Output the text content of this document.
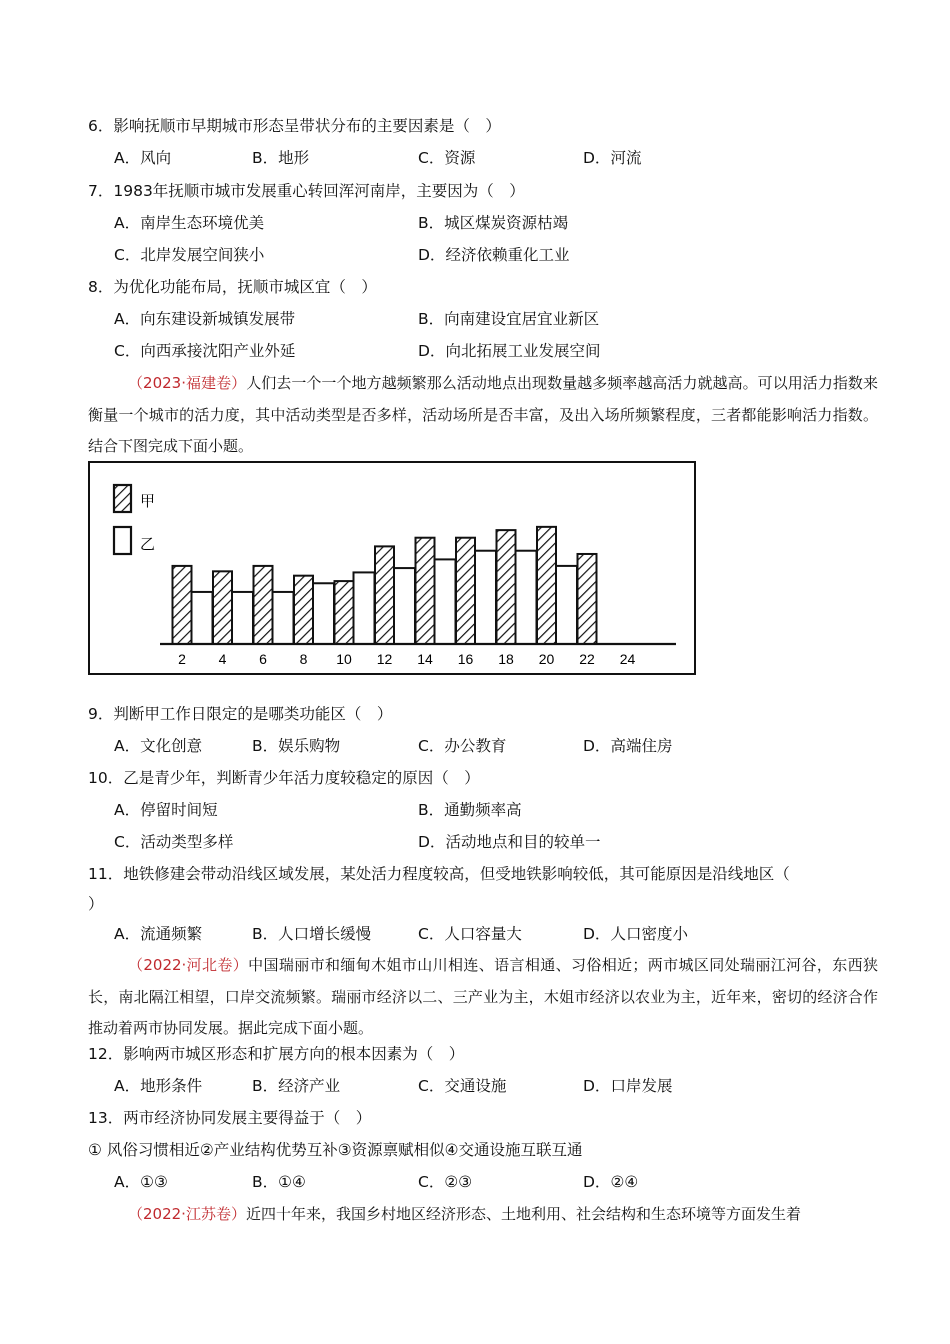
6．影响抚顺市早期城市形态呈带状分布的主要因素是（　）
A．风向	B．地形	C．资源	D．河流
7．1983年抚顺市城市发展重心转回浑河南岸，主要因为（　）
A．南岸生态环境优美	B．城区煤炭资源枯竭
C．北岸发展空间狭小	D．经济依赖重化工业
8．为优化功能布局，抚顺市城区宜（　）
A．向东建设新城镇发展带	B．向南建设宜居宜业新区
C．向西承接沈阳产业外延	D．向北拓展工业发展空间
（2023·福建卷）人们去一个一个地方越频繁那么活动地点出现数量越多频率越高活力就越高。可以用活力指数来衡量一个城市的活力度，其中活动类型是否多样，活动场所是否丰富，及出入场所频繁程度，三者都能影响活力指数。结合下图完成下面小题。
甲
乙
2 4 6 8 10 12 14 16 18 20 22 24
9．判断甲工作日限定的是哪类功能区（　）
A．文化创意	B．娱乐购物	C．办公教育	D．高端住房
10．乙是青少年，判断青少年活力度较稳定的原因（　）
A．停留时间短	B．通勤频率高
C．活动类型多样	D．活动地点和目的较单一
11．地铁修建会带动沿线区域发展，某处活力程度较高，但受地铁影响较低，其可能原因是沿线地区（
）
A．流通频繁	B．人口增长缓慢	C．人口容量大	D．人口密度小
（2022·河北卷）中国瑞丽市和缅甸木姐市山川相连、语言相通、习俗相近；两市城区同处瑞丽江河谷，东西狭长，南北隔江相望，口岸交流频繁。瑞丽市经济以二、三产业为主，木姐市经济以农业为主，近年来，密切的经济合作推动着两市协同发展。据此完成下面小题。
12．影响两市城区形态和扩展方向的根本因素为（　）
A．地形条件	B．经济产业	C．交通设施	D．口岸发展
13．两市经济协同发展主要得益于（　）
① 风俗习惯相近②产业结构优势互补③资源禀赋相似④交通设施互联互通
A．①③	B．①④	C．②③	D．②④
（2022·江苏卷）近四十年来，我国乡村地区经济形态、土地利用、社会结构和生态环境等方面发生着
